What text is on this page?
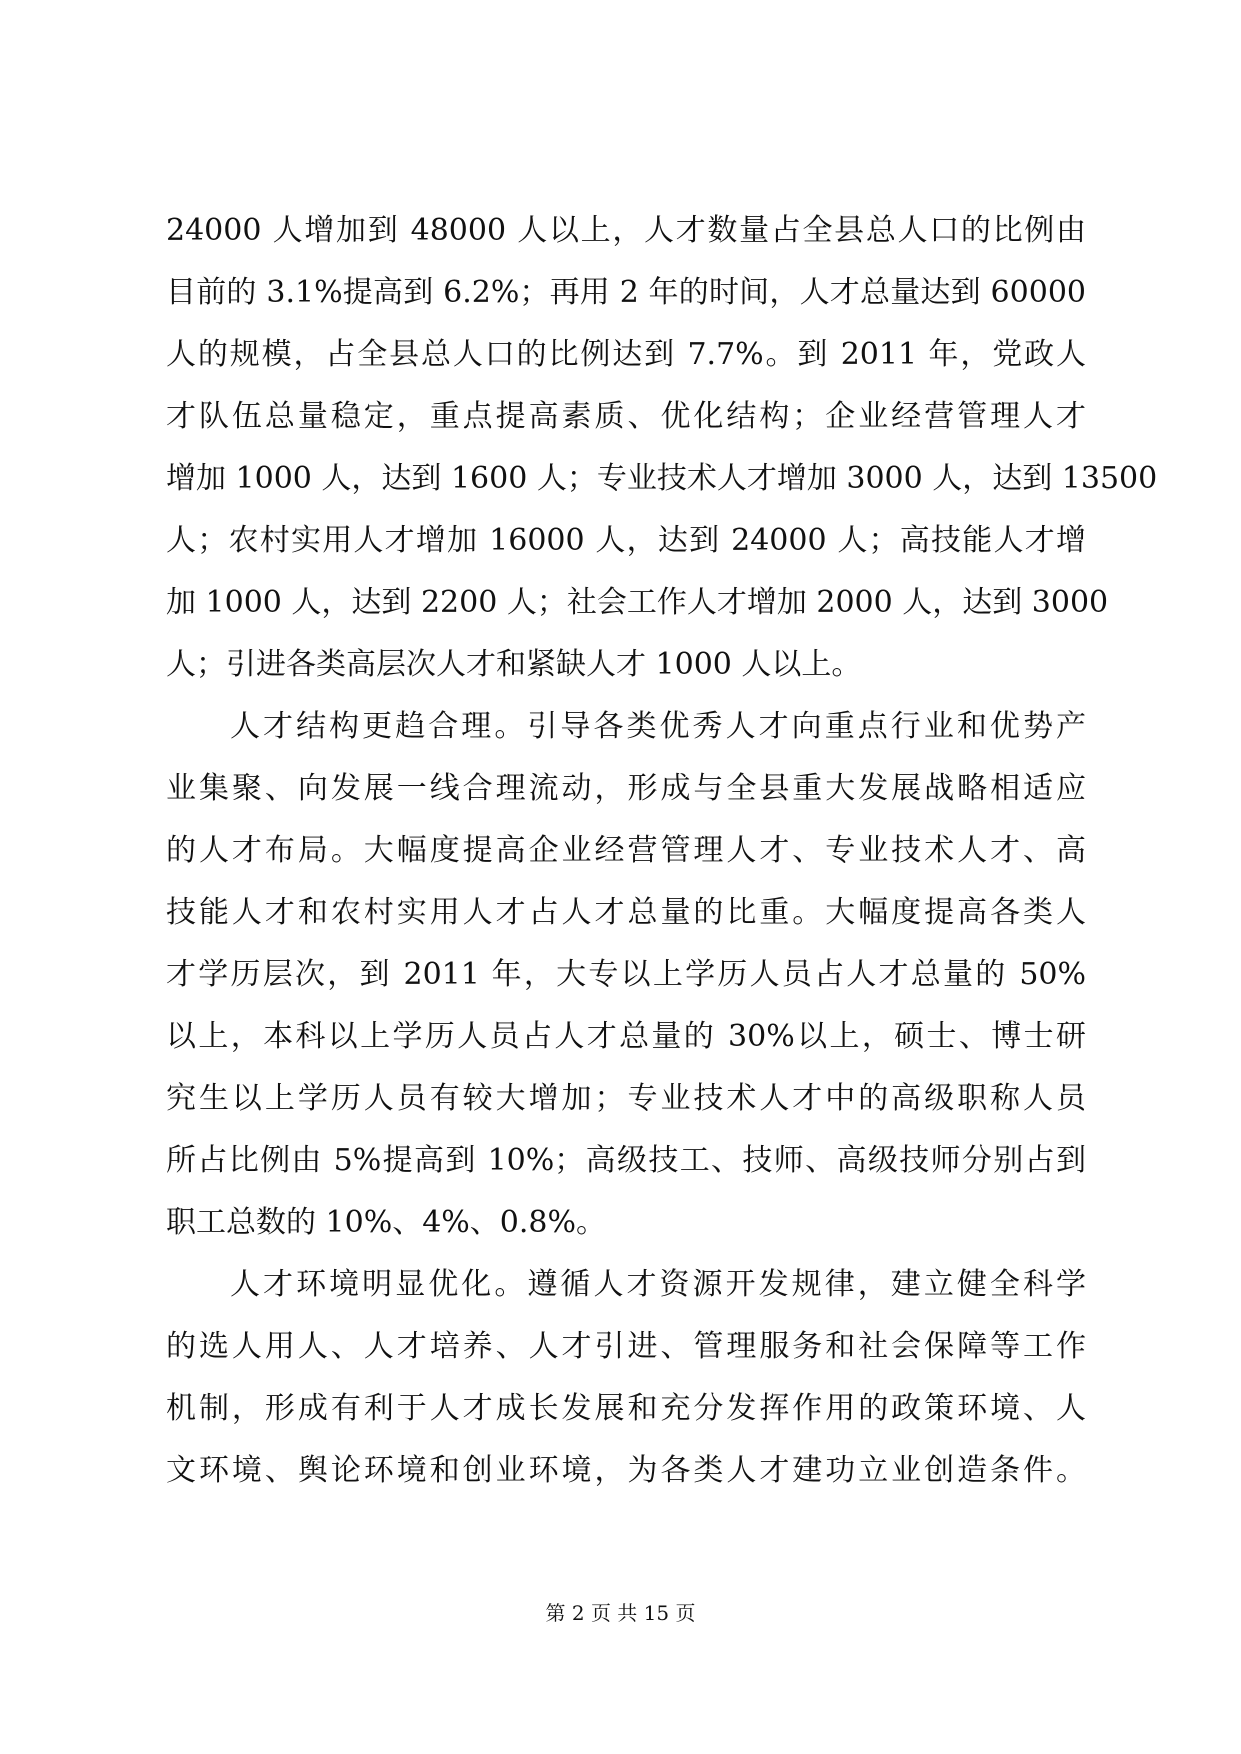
24000 人增加到 48000 人以上，人才数量占全县总人口的比例由
目前的 3.1%提高到 6.2%；再用 2 年的时间，人才总量达到 60000
人的规模，占全县总人口的比例达到 7.7%。到 2011 年，党政人
才队伍总量稳定，重点提高素质、优化结构；企业经营管理人才
增加 1000 人，达到 1600 人；专业技术人才增加 3000 人，达到 13500
人；农村实用人才增加 16000 人，达到 24000 人；高技能人才增
加 1000 人，达到 2200 人；社会工作人才增加 2000 人，达到 3000
人；引进各类高层次人才和紧缺人才 1000 人以上。
人才结构更趋合理。引导各类优秀人才向重点行业和优势产
业集聚、向发展一线合理流动，形成与全县重大发展战略相适应
的人才布局。大幅度提高企业经营管理人才、专业技术人才、高
技能人才和农村实用人才占人才总量的比重。大幅度提高各类人
才学历层次，到 2011 年，大专以上学历人员占人才总量的 50%
以上，本科以上学历人员占人才总量的 30%以上，硕士、博士研
究生以上学历人员有较大增加；专业技术人才中的高级职称人员
所占比例由 5%提高到 10%；高级技工、技师、高级技师分别占到
职工总数的 10%、4%、0.8%。
人才环境明显优化。遵循人才资源开发规律，建立健全科学
的选人用人、人才培养、人才引进、管理服务和社会保障等工作
机制，形成有利于人才成长发展和充分发挥作用的政策环境、人
文环境、舆论环境和创业环境，为各类人才建功立业创造条件。
第 2 页 共 15 页
